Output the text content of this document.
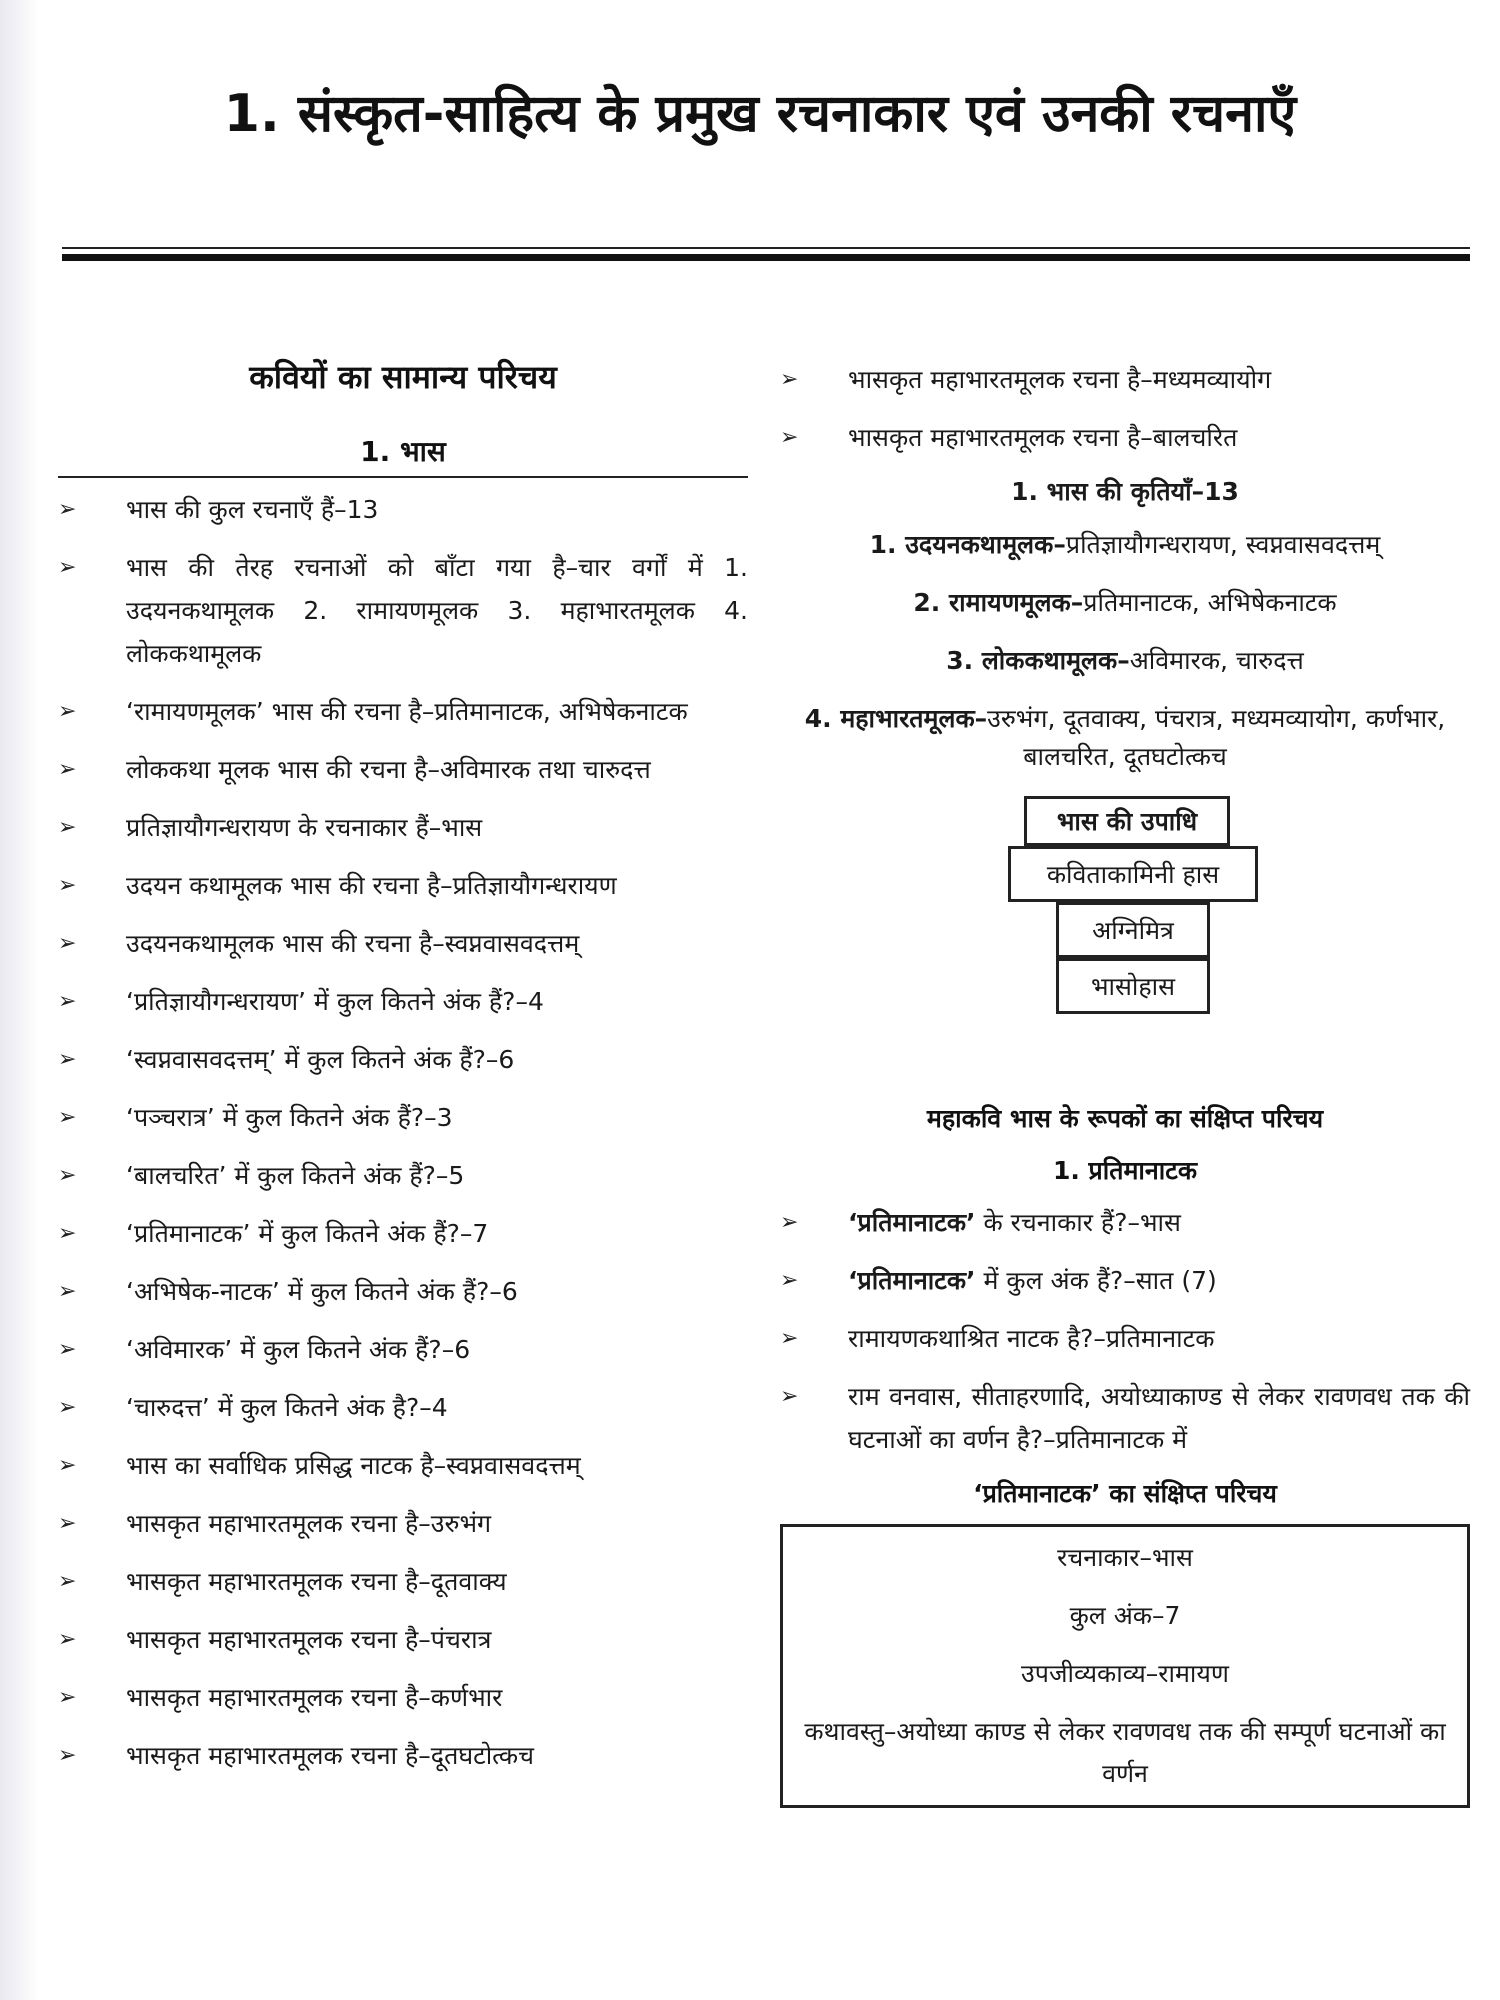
1. संस्कृत-साहित्य के प्रमुख रचनाकार एवं उनकी रचनाएँ
कवियों का सामान्य परिचय
1. भास
➢ भास की कुल रचनाएँ हैं–13
➢ भास की तेरह रचनाओं को बाँटा गया है–चार वर्गों में 1. उदयनकथामूलक 2. रामायणमूलक 3. महाभारतमूलक 4. लोककथामूलक
➢ ‘रामायणमूलक’ भास की रचना है–प्रतिमानाटक, अभिषेकनाटक
➢ लोककथा मूलक भास की रचना है–अविमारक तथा चारुदत्त
➢ प्रतिज्ञायौगन्धरायण के रचनाकार हैं–भास
➢ उदयन कथामूलक भास की रचना है–प्रतिज्ञायौगन्धरायण
➢ उदयनकथामूलक भास की रचना है–स्वप्नवासवदत्तम्
➢ ‘प्रतिज्ञायौगन्धरायण’ में कुल कितने अंक हैं?–4
➢ ‘स्वप्नवासवदत्तम्’ में कुल कितने अंक हैं?–6
➢ ‘पञ्चरात्र’ में कुल कितने अंक हैं?–3
➢ ‘बालचरित’ में कुल कितने अंक हैं?–5
➢ ‘प्रतिमानाटक’ में कुल कितने अंक हैं?–7
➢ ‘अभिषेक-नाटक’ में कुल कितने अंक हैं?–6
➢ ‘अविमारक’ में कुल कितने अंक हैं?–6
➢ ‘चारुदत्त’ में कुल कितने अंक है?–4
➢ भास का सर्वाधिक प्रसिद्ध नाटक है–स्वप्नवासवदत्तम्
➢ भासकृत महाभारतमूलक रचना है–उरुभंग
➢ भासकृत महाभारतमूलक रचना है–दूतवाक्य
➢ भासकृत महाभारतमूलक रचना है–पंचरात्र
➢ भासकृत महाभारतमूलक रचना है–कर्णभार
➢ भासकृत महाभारतमूलक रचना है–दूतघटोत्कच
➢ भासकृत महाभारतमूलक रचना है–मध्यमव्यायोग
➢ भासकृत महाभारतमूलक रचना है–बालचरित
1. भास की कृतियाँ–13
1. उदयनकथामूलक–प्रतिज्ञायौगन्धरायण, स्वप्नवासवदत्तम्
2. रामायणमूलक–प्रतिमानाटक, अभिषेकनाटक
3. लोककथामूलक–अविमारक, चारुदत्त
4. महाभारतमूलक–उरुभंग, दूतवाक्य, पंचरात्र, मध्यमव्यायोग, कर्णभार, बालचरित, दूतघटोत्कच
भास की उपाधि
कविताकामिनी हास
अग्निमित्र
भासोहास
महाकवि भास के रूपकों का संक्षिप्त परिचय
1. प्रतिमानाटक
➢ ‘प्रतिमानाटक’ के रचनाकार हैं?–भास
➢ ‘प्रतिमानाटक’ में कुल अंक हैं?–सात (7)
➢ रामायणकथाश्रित नाटक है?–प्रतिमानाटक
➢ राम वनवास, सीताहरणादि, अयोध्याकाण्ड से लेकर रावणवध तक की घटनाओं का वर्णन है?–प्रतिमानाटक में
‘प्रतिमानाटक’ का संक्षिप्त परिचय

रचनाकार–भास

कुल अंक–7

उपजीव्यकाव्य–रामायण

कथावस्तु–अयोध्या काण्ड से लेकर रावणवध तक की सम्पूर्ण घटनाओं का वर्णन
